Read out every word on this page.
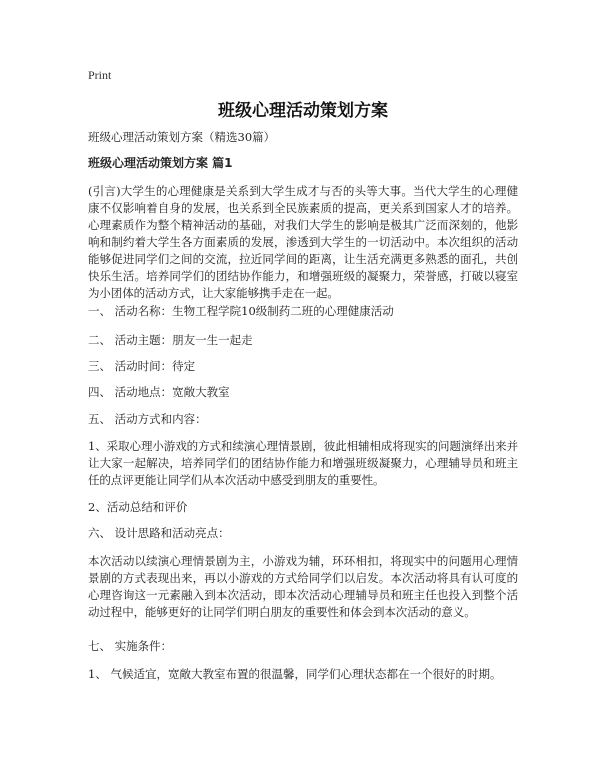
Print
班级心理活动策划方案

班级心理活动策划方案（精选30篇）

班级心理活动策划方案 篇1

(引言)大学生的心理健康是关系到大学生成才与否的头等大事。当代大学生的心理健康不仅影响着自身的发展，也关系到全民族素质的提高，更关系到国家人才的培养。心理素质作为整个精神活动的基础，对我们大学生的影响是极其广泛而深刻的，他影响和制约着大学生各方面素质的发展，渗透到大学生的一切活动中。本次组织的活动能够促进同学们之间的交流，拉近同学间的距离，让生活充满更多熟悉的面孔，共创快乐生活。培养同学们的团结协作能力，和增强班级的凝聚力，荣誉感，打破以寝室为小团体的活动方式，让大家能够携手走在一起。

一、 活动名称：生物工程学院10级制药二班的心理健康活动

二、 活动主题：朋友一生一起走

三、 活动时间：待定

四、 活动地点：宽敞大教室

五、 活动方式和内容：

1、采取心理小游戏的方式和续演心理情景剧，彼此相辅相成将现实的问题演绎出来并让大家一起解决，培养同学们的团结协作能力和增强班级凝聚力，心理辅导员和班主任的点评更能让同学们从本次活动中感受到朋友的重要性。

2、活动总结和评价

六、 设计思路和活动亮点：

本次活动以续演心理情景剧为主，小游戏为辅，环环相扣，将现实中的问题用心理情景剧的方式表现出来，再以小游戏的方式给同学们以启发。本次活动将具有认可度的心理咨询这一元素融入到本次活动，即本次活动心理辅导员和班主任也投入到整个活动过程中，能够更好的让同学们明白朋友的重要性和体会到本次活动的意义。

七、 实施条件：

1、 气候适宜，宽敞大教室布置的很温馨，同学们心理状态都在一个很好的时期。
